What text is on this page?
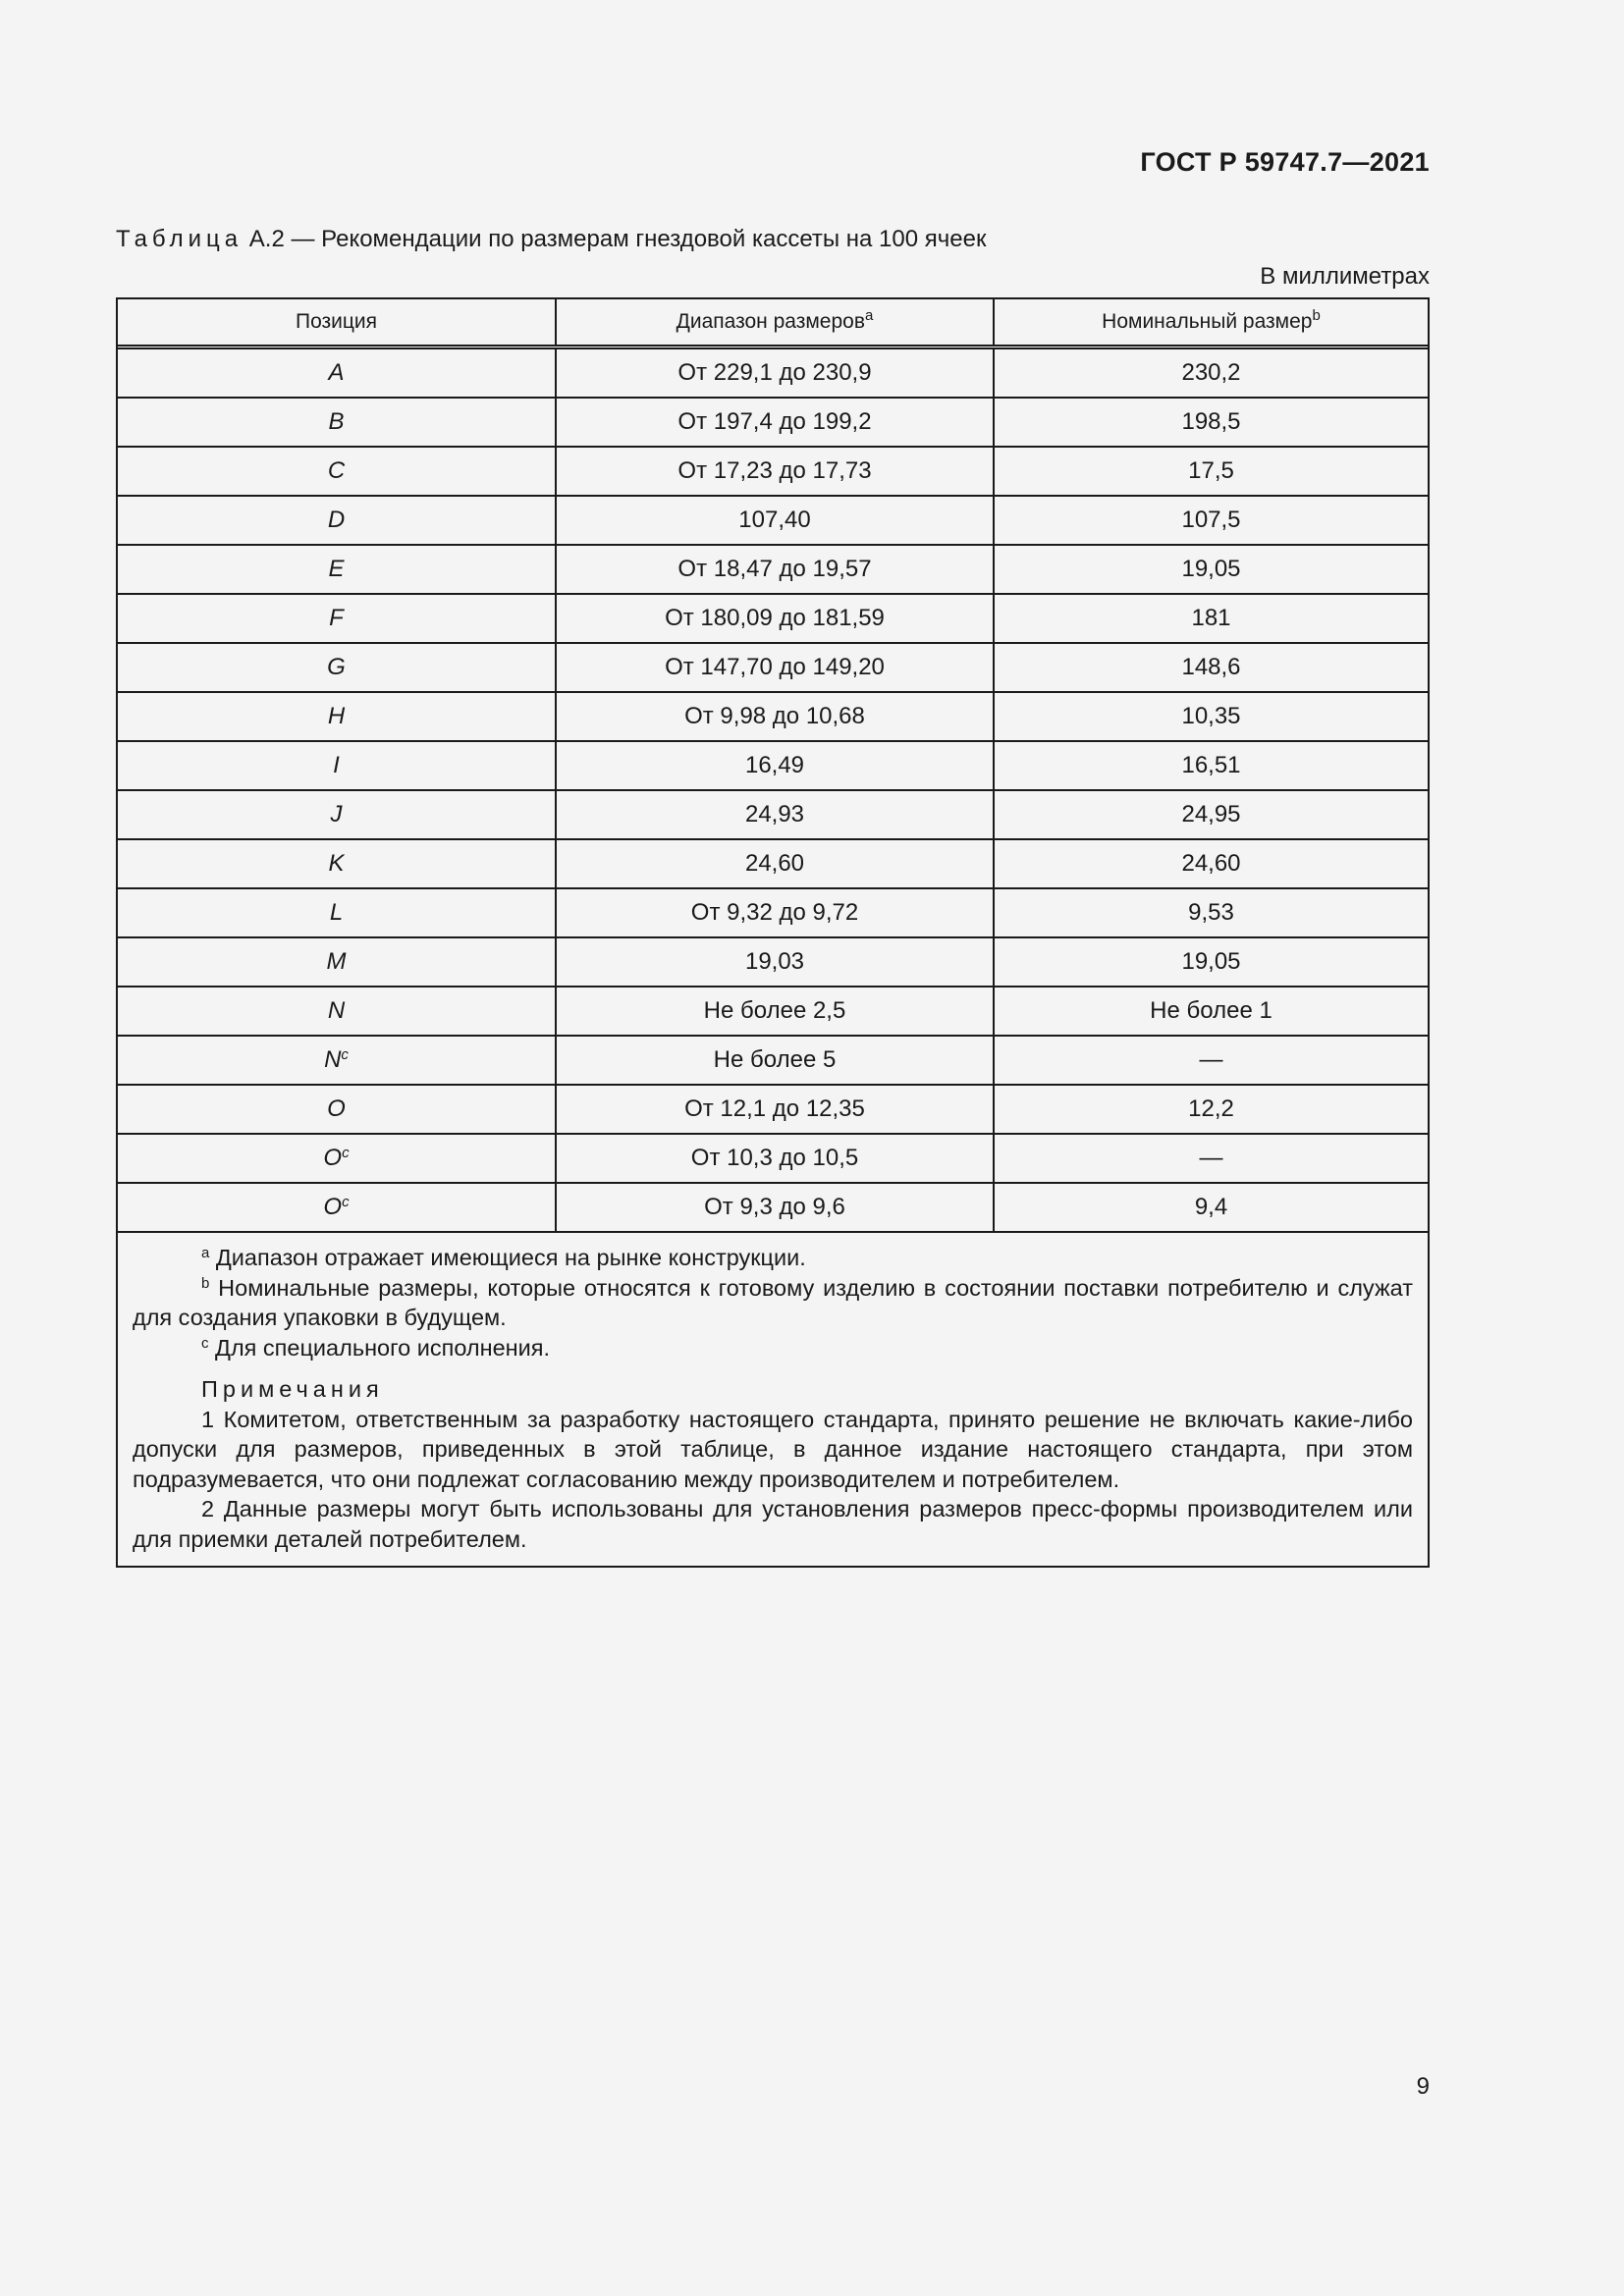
ГОСТ Р 59747.7—2021
Таблица А.2 — Рекомендации по размерам гнездовой кассеты на 100 ячеек
В миллиметрах
Позиция	Диапазон размеров$^a$	Номинальный размер$^b$
A	От 229,1 до 230,9	230,2
B	От 197,4 до 199,2	198,5
C	От 17,23 до 17,73	17,5
D	107,40	107,5
E	От 18,47 до 19,57	19,05
F	От 180,09 до 181,59	181
G	От 147,70 до 149,20	148,6
H	От 9,98 до 10,68	10,35
I	16,49	16,51
J	24,93	24,95
K	24,60	24,60
L	От 9,32 до 9,72	9,53
M	19,03	19,05
N	Не более 2,5	Не более 1
$N^c$	Не более 5	—
O	От 12,1 до 12,35	12,2
$O^c$	От 10,3 до 10,5	—
$O^c$	От 9,3 до 9,6	9,4

$^a$ Диапазон отражает имеющиеся на рынке конструкции.

$^b$ Номинальные размеры, которые относятся к готовому изделию в состоянии поставки потребителю и служат для создания упаковки в будущем.

$^c$ Для специального исполнения.

Примечания

1 Комитетом, ответственным за разработку настоящего стандарта, принято решение не включать какие-либо допуски для размеров, приведенных в этой таблице, в данное издание настоящего стандарта, при этом подразумевается, что они подлежат согласованию между производителем и потребителем.

2 Данные размеры могут быть использованы для установления размеров пресс-формы производителем или для приемки деталей потребителем.

9
